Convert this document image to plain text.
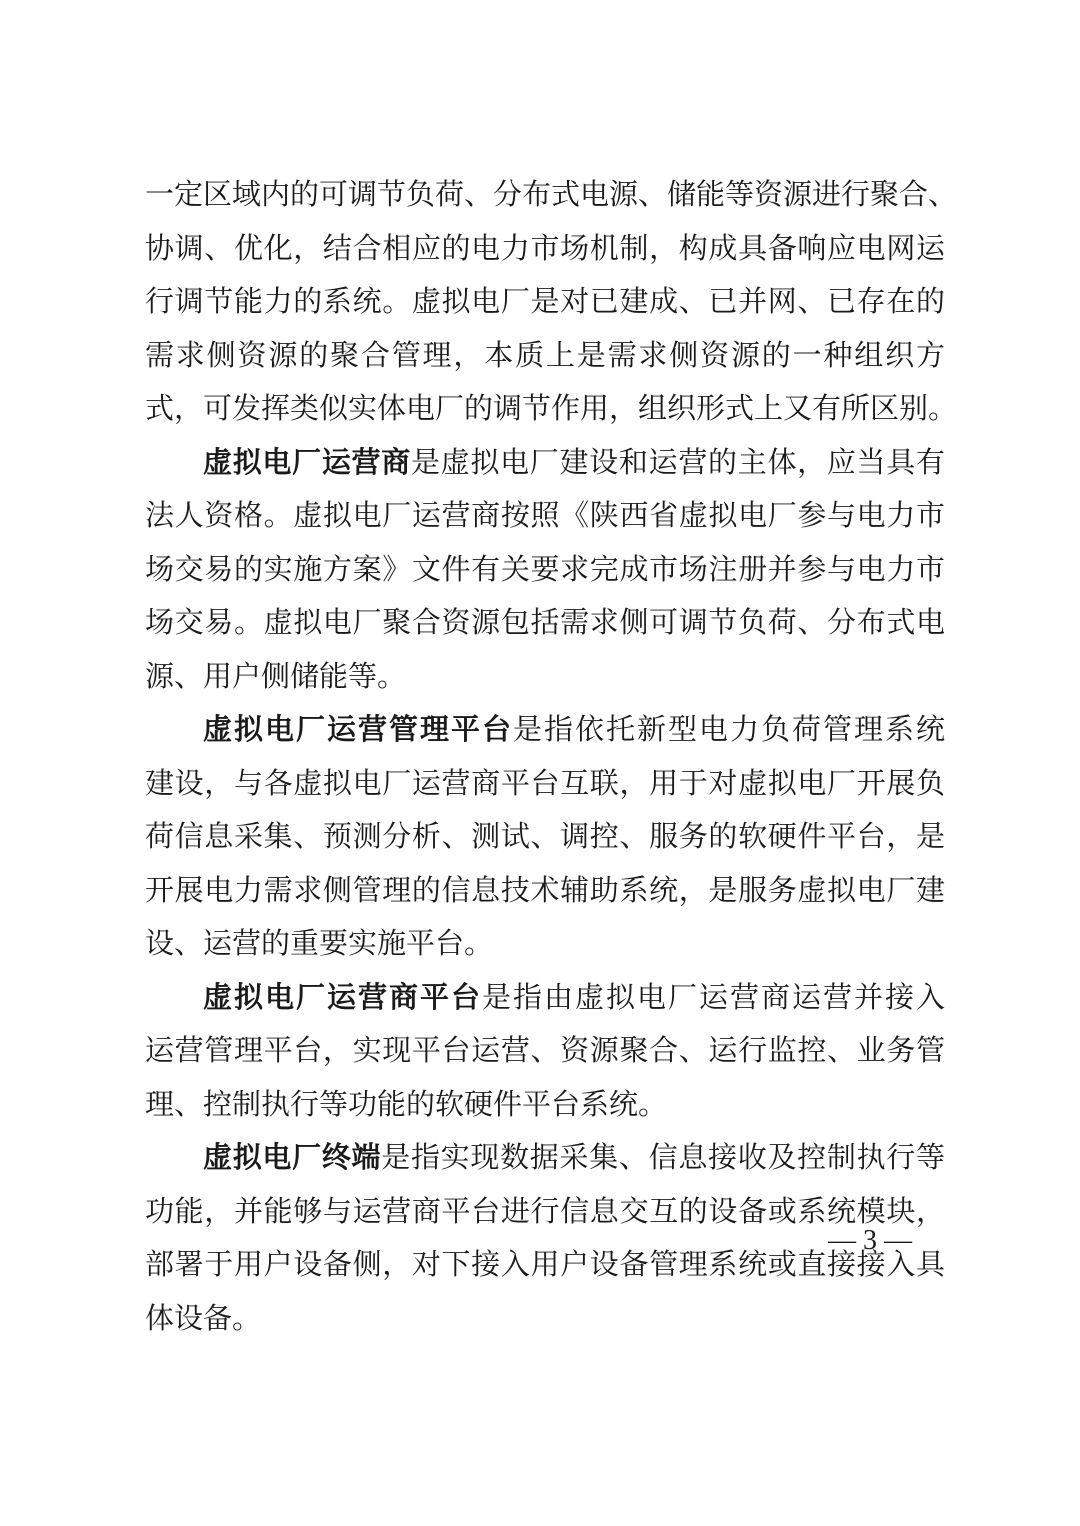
一定区域内的可调节负荷、分布式电源、储能等资源进行聚合、
协调、优化，结合相应的电力市场机制，构成具备响应电网运
行调节能力的系统。虚拟电厂是对已建成、已并网、已存在的
需求侧资源的聚合管理，本质上是需求侧资源的一种组织方
式，可发挥类似实体电厂的调节作用，组织形式上又有所区别。
虚拟电厂运营商是虚拟电厂建设和运营的主体，应当具有
法人资格。虚拟电厂运营商按照《陕西省虚拟电厂参与电力市
场交易的实施方案》文件有关要求完成市场注册并参与电力市
场交易。虚拟电厂聚合资源包括需求侧可调节负荷、分布式电
源、用户侧储能等。
虚拟电厂运营管理平台是指依托新型电力负荷管理系统
建设，与各虚拟电厂运营商平台互联，用于对虚拟电厂开展负
荷信息采集、预测分析、测试、调控、服务的软硬件平台，是
开展电力需求侧管理的信息技术辅助系统，是服务虚拟电厂建
设、运营的重要实施平台。
虚拟电厂运营商平台是指由虚拟电厂运营商运营并接入
运营管理平台，实现平台运营、资源聚合、运行监控、业务管
理、控制执行等功能的软硬件平台系统。
虚拟电厂终端是指实现数据采集、信息接收及控制执行等
功能，并能够与运营商平台进行信息交互的设备或系统模块，
部署于用户设备侧，对下接入用户设备管理系统或直接接入具
体设备。
— 3 —
